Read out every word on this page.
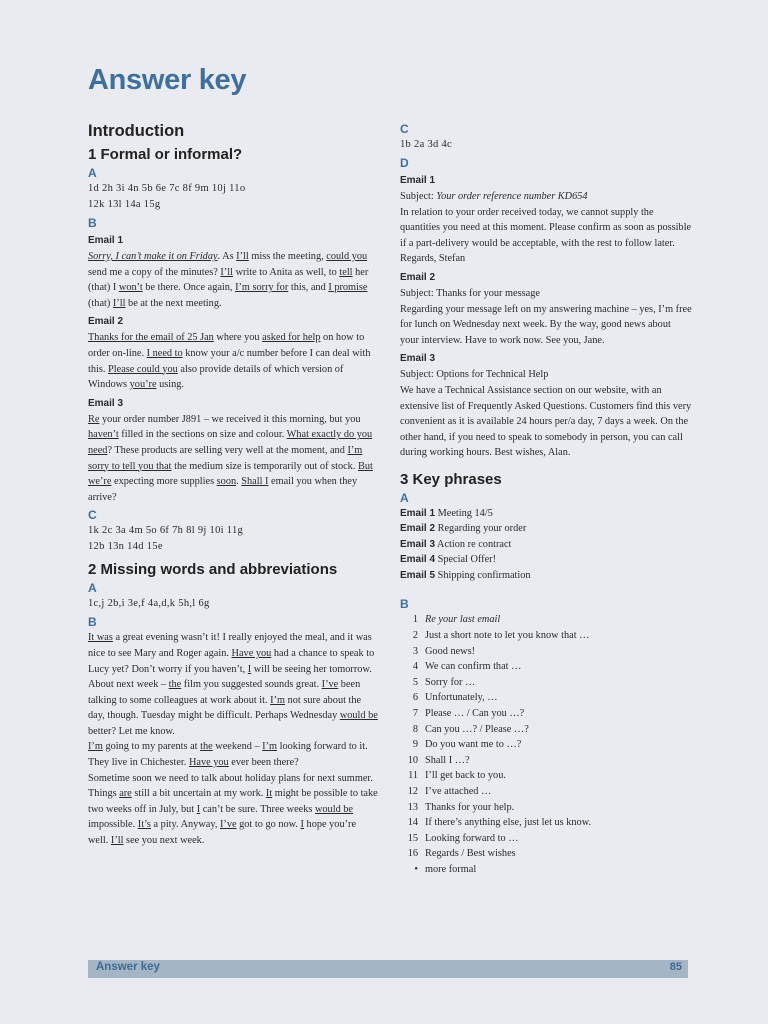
Answer key
Introduction
1 Formal or informal?
A
1d 2h 3i 4n 5b 6e 7c 8f 9m 10j 11o
12k 13l 14a 15g
B
Email 1

Sorry, I can’t make it on Friday. As I’ll miss the meeting, could you send me a copy of the minutes? I’ll write to Anita as well, to tell her (that) I won’t be there. Once again, I’m sorry for this, and I promise (that) I’ll be at the next meeting.

Email 2

Thanks for the email of 25 Jan where you asked for help on how to order on-line. I need to know your a/c number before I can deal with this. Please could you also provide details of which version of Windows you’re using.

Email 3

Re your order number J891 – we received it this morning, but you haven’t filled in the sections on size and colour. What exactly do you need? These products are selling very well at the moment, and I’m sorry to tell you that the medium size is temporarily out of stock. But we’re expecting more supplies soon. Shall I email you when they arrive?

C
1k 2c 3a 4m 5o 6f 7h 8l 9j 10i 11g
12b 13n 14d 15e
2 Missing words and abbreviations
A
1c,j 2b,i 3e,f 4a,d,k 5h,l 6g
B

It was a great evening wasn’t it! I really enjoyed the meal, and it was nice to see Mary and Roger again. Have you had a chance to speak to Lucy yet? Don’t worry if you haven’t, I will be seeing her tomorrow.
About next week – the film you suggested sounds great. I’ve been talking to some colleagues at work about it. I’m not sure about the day, though. Tuesday might be difficult. Perhaps Wednesday would be better? Let me know.
I’m going to my parents at the weekend – I’m looking forward to it. They live in Chichester. Have you ever been there?
Sometime soon we need to talk about holiday plans for next summer. Things are still a bit uncertain at my work. It might be possible to take two weeks off in July, but I can’t be sure. Three weeks would be impossible. It’s a pity. Anyway, I’ve got to go now. I hope you’re well. I’ll see you next week.

C
1b 2a 3d 4c
D
Email 1

Subject: Your order reference number KD654

In relation to your order received today, we cannot supply the quantities you need at this moment. Please confirm as soon as possible if a part-delivery would be acceptable, with the rest to follow later. Regards, Stefan

Email 2

Subject: Thanks for your message

Regarding your message left on my answering machine – yes, I’m free for lunch on Wednesday next week. By the way, good news about your interview. Have to work now. See you, Jane.

Email 3

Subject: Options for Technical Help

We have a Technical Assistance section on our website, with an extensive list of Frequently Asked Questions. Customers find this very convenient as it is available 24 hours per/a day, 7 days a week. On the other hand, if you need to speak to somebody in person, you can call during working hours. Best wishes, Alan.

3 Key phrases
A
Email 1 Meeting 14/5
Email 2 Regarding your order
Email 3 Action re contract
Email 4 Special Offer!
Email 5 Shipping confirmation
B
1 Re your last email
2 Just a short note to let you know that …
3 Good news!
4 We can confirm that …
5 Sorry for …
6 Unfortunately, …
7 Please … / Can you …?
8 Can you …? / Please …?
9 Do you want me to …?
10 Shall I …?
11 I’ll get back to you.
12 I’ve attached …
13 Thanks for your help.
14 If there’s anything else, just let us know.
15 Looking forward to …
16 Regards / Best wishes
• more formal
Answer key	85
